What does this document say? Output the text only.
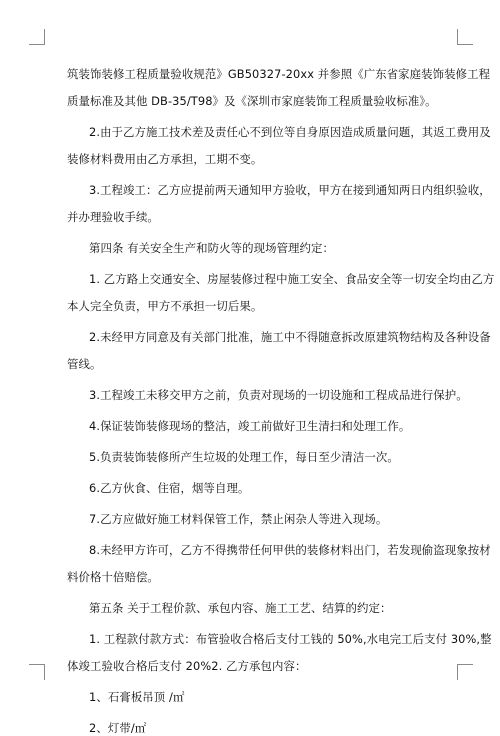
筑装饰装修工程质量验收规范》GB50327-20xx 并参照《广东省家庭装饰装修工程

质量标准及其他 DB-35/T98》及《深圳市家庭装饰工程质量验收标准》。

2.由于乙方施工技术差及责任心不到位等自身原因造成质量问题，其返工费用及

装修材料费用由乙方承担，工期不变。

3.工程竣工：乙方应提前两天通知甲方验收，甲方在接到通知两日内组织验收，

并办理验收手续。

第四条 有关安全生产和防火等的现场管理约定：

1. 乙方路上交通安全、房屋装修过程中施工安全、食品安全等一切安全均由乙方

本人完全负责，甲方不承担一切后果。

2.未经甲方同意及有关部门批准，施工中不得随意拆改原建筑物结构及各种设备

管线。

3.工程竣工未移交甲方之前，负责对现场的一切设施和工程成品进行保护。

4.保证装饰装修现场的整洁，竣工前做好卫生清扫和处理工作。

5.负责装饰装修所产生垃圾的处理工作，每日至少清洁一次。

6.乙方伙食、住宿，烟等自理。

7.乙方应做好施工材料保管工作，禁止闲杂人等进入现场。

8.未经甲方许可，乙方不得携带任何甲供的装修材料出门，若发现偷盗现象按材

料价格十倍赔偿。

第五条 关于工程价款、承包内容、施工工艺、结算的约定：

1. 工程款付款方式：布管验收合格后支付工钱的 50%,水电完工后支付 30%,整

体竣工验收合格后支付 20%2. 乙方承包内容：

1、石膏板吊顶 /㎡

2、灯带/㎡
